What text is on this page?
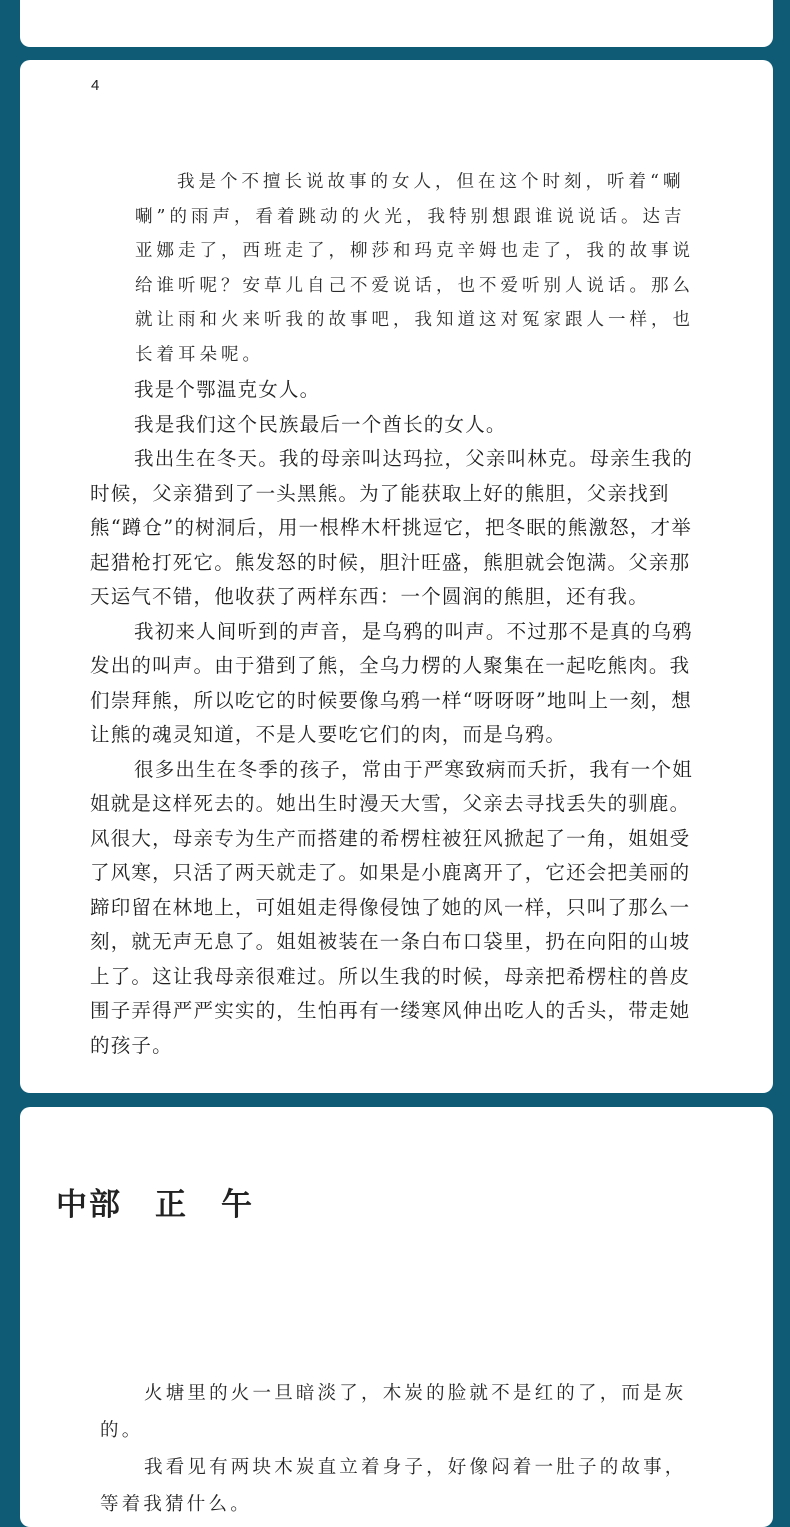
4

我是个不擅长说故事的女人，但在这个时刻，听着“唰唰”的雨声，看着跳动的火光，我特别想跟谁说说话。达吉亚娜走了，西班走了，柳莎和玛克辛姆也走了，我的故事说给谁听呢？安草儿自己不爱说话，也不爱听别人说话。那么就让雨和火来听我的故事吧，我知道这对冤家跟人一样，也长着耳朵呢。

我是个鄂温克女人。

我是我们这个民族最后一个酋长的女人。

我出生在冬天。我的母亲叫达玛拉，父亲叫林克。母亲生我的时候，父亲猎到了一头黑熊。为了能获取上好的熊胆，父亲找到熊“蹲仓”的树洞后，用一根桦木杆挑逗它，把冬眠的熊激怒，才举起猎枪打死它。熊发怒的时候，胆汁旺盛，熊胆就会饱满。父亲那天运气不错，他收获了两样东西：一个圆润的熊胆，还有我。

我初来人间听到的声音，是乌鸦的叫声。不过那不是真的乌鸦发出的叫声。由于猎到了熊，全乌力楞的人聚集在一起吃熊肉。我们崇拜熊，所以吃它的时候要像乌鸦一样“呀呀呀”地叫上一刻，想让熊的魂灵知道，不是人要吃它们的肉，而是乌鸦。

很多出生在冬季的孩子，常由于严寒致病而夭折，我有一个姐姐就是这样死去的。她出生时漫天大雪，父亲去寻找丢失的驯鹿。风很大，母亲专为生产而搭建的希楞柱被狂风掀起了一角，姐姐受了风寒，只活了两天就走了。如果是小鹿离开了，它还会把美丽的蹄印留在林地上，可姐姐走得像侵蚀了她的风一样，只叫了那么一刻，就无声无息了。姐姐被装在一条白布口袋里，扔在向阳的山坡上了。这让我母亲很难过。所以生我的时候，母亲把希楞柱的兽皮围子弄得严严实实的，生怕再有一缕寒风伸出吃人的舌头，带走她的孩子。

中部　正　午

火塘里的火一旦暗淡了，木炭的脸就不是红的了，而是灰的。

我看见有两块木炭直立着身子，好像闷着一肚子的故事，等着我猜什么。
